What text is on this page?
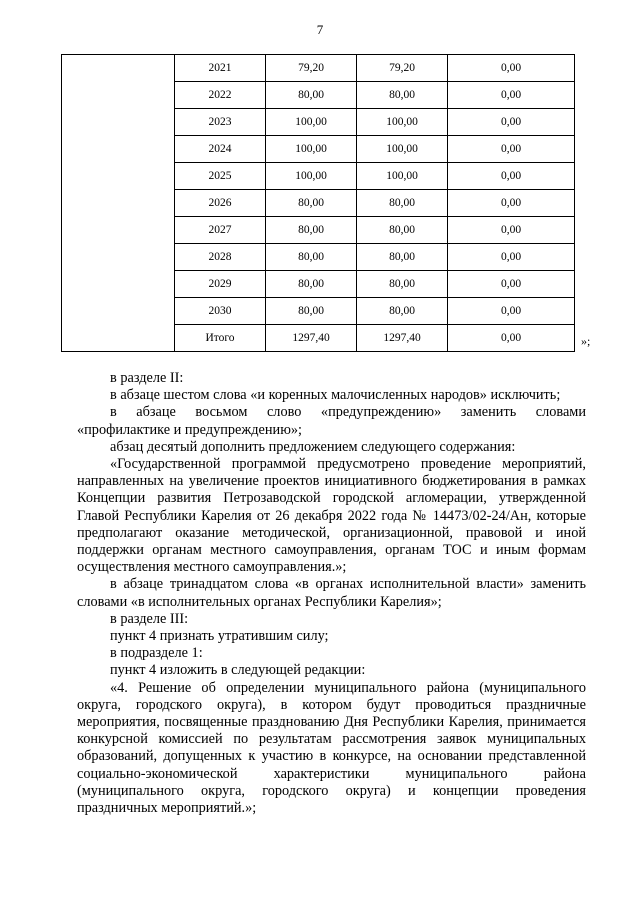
7
	2021	79,20	79,20	0,00
	2022	80,00	80,00	0,00
	2023	100,00	100,00	0,00
	2024	100,00	100,00	0,00
	2025	100,00	100,00	0,00
	2026	80,00	80,00	0,00
	2027	80,00	80,00	0,00
	2028	80,00	80,00	0,00
	2029	80,00	80,00	0,00
	2030	80,00	80,00	0,00
	Итого	1297,40	1297,40	0,00	»;

в разделе II:

в абзаце шестом слова «и коренных малочисленных народов» исключить;

в абзаце восьмом слово «предупреждению» заменить словами «профилактике и предупреждению»;

абзац десятый дополнить предложением следующего содержания:

«Государственной программой предусмотрено проведение мероприятий, направленных на увеличение проектов инициативного бюджетирования в рамках Концепции развития Петрозаводской городской агломерации, утвержденной Главой Республики Карелия от 26 декабря 2022 года № 14473/02-24/Ан, которые предполагают оказание методической, организационной, правовой и иной поддержки органам местного самоуправления, органам ТОС и иным формам осуществления местного самоуправления.»;

в абзаце тринадцатом слова «в органах исполнительной власти» заменить словами «в исполнительных органах Республики Карелия»;

в разделе III:

пункт 4 признать утратившим силу;

в подразделе 1:

пункт 4 изложить в следующей редакции:

«4. Решение об определении муниципального района (муниципального округа, городского округа), в котором будут проводиться праздничные мероприятия, посвященные празднованию Дня Республики Карелия, принимается конкурсной комиссией по результатам рассмотрения заявок муниципальных образований, допущенных к участию в конкурсе, на основании представленной социально-экономической характеристики муниципального района (муниципального округа, городского округа) и концепции проведения праздничных мероприятий.»;
